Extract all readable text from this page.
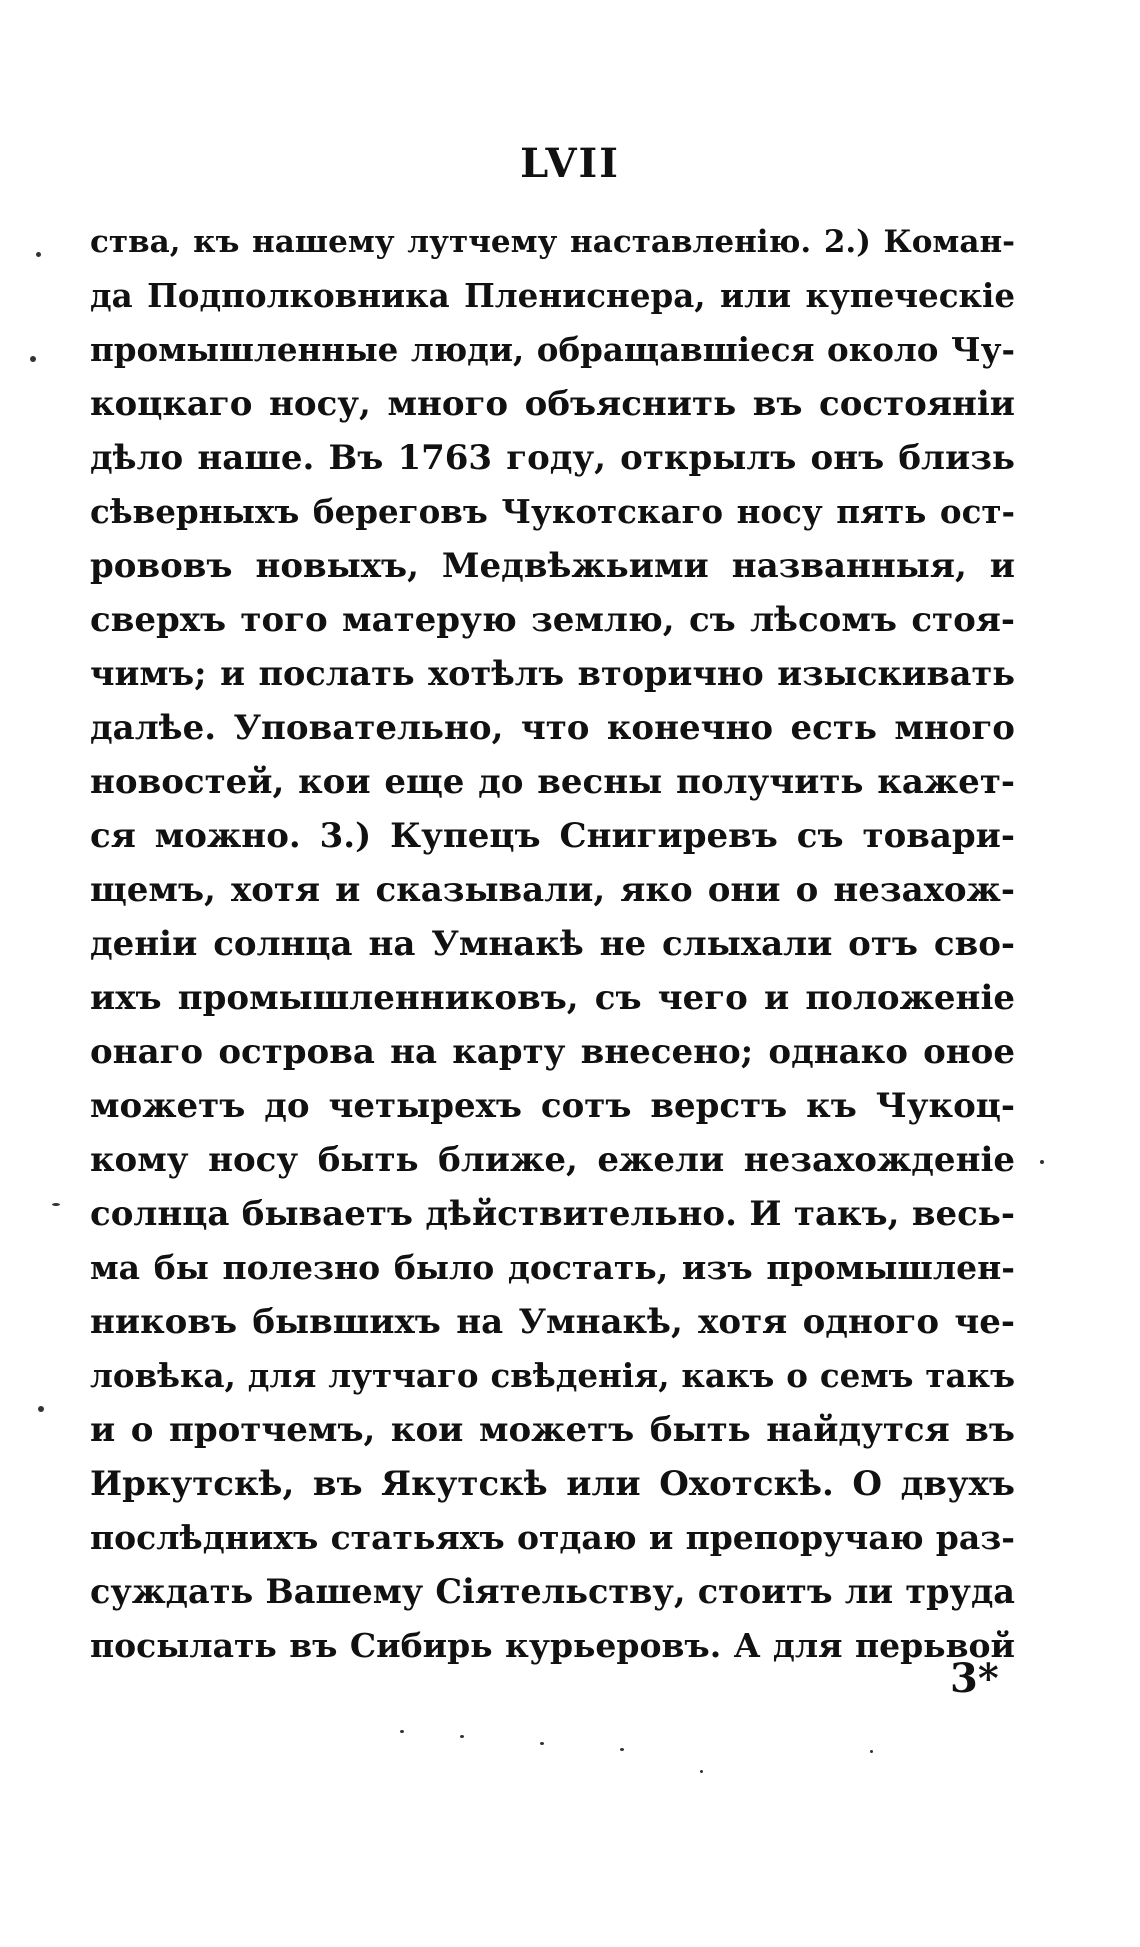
LVII
ства, къ нашему лутчему наставленію. 2.) Коман-
да Подполковника Плениснера, или купеческіе
промышленные люди, обращавшіеся около Чу-
коцкаго носу, много объяснить въ состояніи
дѣло наше. Въ 1763 году, открылъ онъ близь
сѣверныхъ береговъ Чукотскаго носу пять ост-
рововъ новыхъ, Медвѣжьими названныя, и
сверхъ того матерую землю, съ лѣсомъ стоя-
чимъ; и послать хотѣлъ вторично изыскивать
далѣе. Уповательно, что конечно есть много
новостей, кои еще до весны получить кажет-
ся можно. 3.) Купецъ Снигиревъ съ товари-
щемъ, хотя и сказывали, яко они о незахож-
деніи солнца на Умнакѣ не слыхали отъ сво-
ихъ промышленниковъ, съ чего и положеніе
онаго острова на карту внесено; однако оное
можетъ до четырехъ сотъ верстъ къ Чукоц-
кому носу быть ближе, ежели незахожденіе
солнца бываетъ дѣйствительно. И такъ, весь-
ма бы полезно было достать, изъ промышлен-
никовъ бывшихъ на Умнакѣ, хотя одного че-
ловѣка, для лутчаго свѣденія, какъ о семъ такъ
и о протчемъ, кои можетъ быть найдутся въ
Иркутскѣ, въ Якутскѣ или Охотскѣ. О двухъ
послѣднихъ статьяхъ отдаю и препоручаю раз-
суждать Вашему Сіятельству, стоитъ ли труда
посылать въ Сибирь курьеровъ. А для перьвой
3*
